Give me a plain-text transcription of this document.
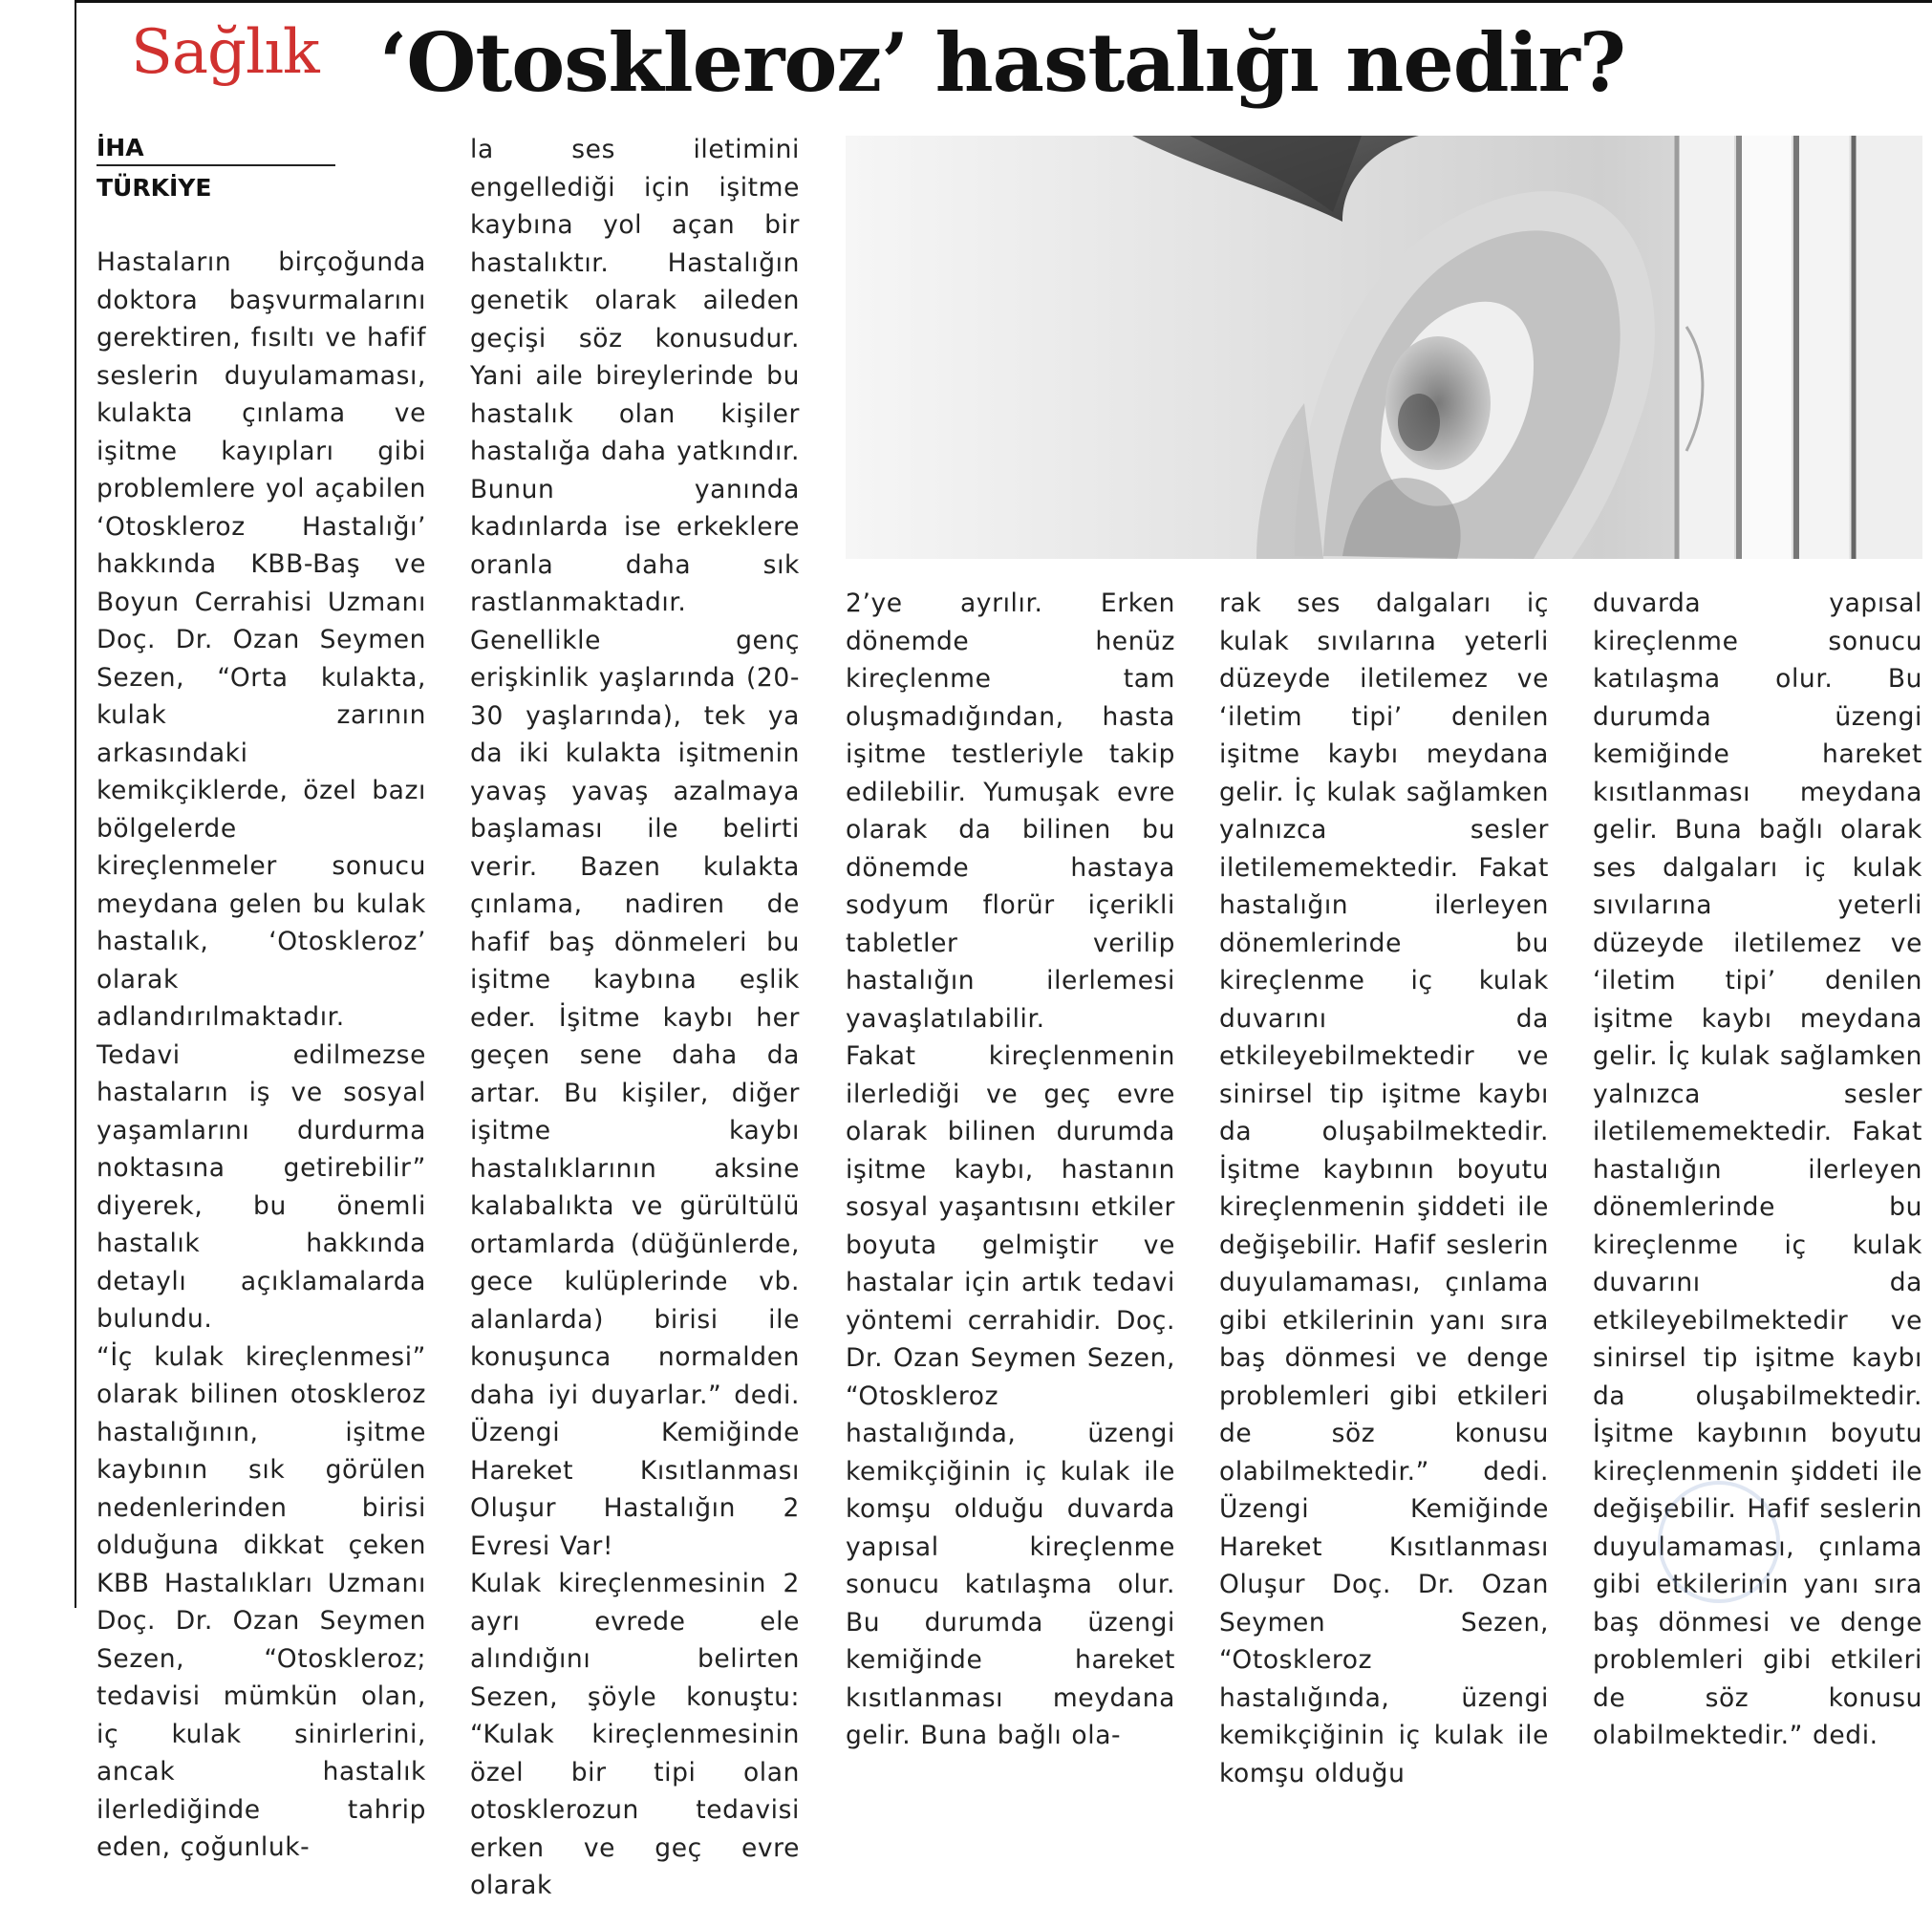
Sağlık ‘Otoskleroz’ hastalığı nedir?
İHA
TÜRKİYE

Hastaların birçoğunda doktora başvurmalarını gerektiren, fısıltı ve hafif seslerin duyulamaması, kulakta çınlama ve işitme kayıpları gibi problemlere yol açabilen ‘Otoskleroz Hastalığı’ hakkında KBB-Baş ve Boyun Cerrahisi Uzmanı Doç. Dr. Ozan Seymen Sezen, “Orta kulakta, kulak zarının arkasındaki kemikçiklerde, özel bazı bölgelerde kireçlenmeler sonucu meydana gelen bu kulak hastalık, ‘Otoskleroz’ olarak adlandırılmaktadır. Tedavi edilmezse hastaların iş ve sosyal yaşamlarını durdurma noktasına getirebilir” diyerek, bu önemli hastalık hakkında detaylı açıklamalarda bulundu.

“İç kulak kireçlenmesi” olarak bilinen otoskleroz hastalığının, işitme kaybının sık görülen nedenlerinden birisi olduğuna dikkat çeken KBB Hastalıkları Uzmanı Doç. Dr. Ozan Seymen Sezen, “Otoskleroz; tedavisi mümkün olan, iç kulak sinirlerini, ancak hastalık ilerlediğinde tahrip eden, çoğunluk-

la ses iletimini engellediği için işitme kaybına yol açan bir hastalıktır. Hastalığın genetik olarak aileden geçişi söz konusudur. Yani aile bireylerinde bu hastalık olan kişiler hastalığa daha yatkındır. Bunun yanında kadınlarda ise erkeklere oranla daha sık rastlanmaktadır. Genellikle genç erişkinlik yaşlarında (20-30 yaşlarında), tek ya da iki kulakta işitmenin yavaş yavaş azalmaya başlaması ile belirti verir. Bazen kulakta çınlama, nadiren de hafif baş dönmeleri bu işitme kaybına eşlik eder. İşitme kaybı her geçen sene daha da artar. Bu kişiler, diğer işitme kaybı hastalıklarının aksine kalabalıkta ve gürültülü ortamlarda (düğünlerde, gece kulüplerinde vb. alanlarda) birisi ile konuşunca normalden daha iyi duyarlar.” dedi. Üzengi Kemiğinde Hareket Kısıtlanması Oluşur Hastalığın 2 Evresi Var!

Kulak kireçlenmesinin 2 ayrı evrede ele alındığını belirten Sezen, şöyle konuştu: “Kulak kireçlenmesinin özel bir tipi olan otosklerozun tedavisi erken ve geç evre olarak

2’ye ayrılır. Erken dönemde henüz kireçlenme tam oluşmadığından, hasta işitme testleriyle takip edilebilir. Yumuşak evre olarak da bilinen bu dönemde hastaya sodyum florür içerikli tabletler verilip hastalığın ilerlemesi yavaşlatılabilir.

Fakat kireçlenmenin ilerlediği ve geç evre olarak bilinen durumda işitme kaybı, hastanın sosyal yaşantısını etkiler boyuta gelmiştir ve hastalar için artık tedavi yöntemi cerrahidir. Doç. Dr. Ozan Seymen Sezen, “Otoskleroz hastalığında, üzengi kemikçiğinin iç kulak ile komşu olduğu duvarda yapısal kireçlenme sonucu katılaşma olur. Bu durumda üzengi kemiğinde hareket kısıtlanması meydana gelir. Buna bağlı ola-

rak ses dalgaları iç kulak sıvılarına yeterli düzeyde iletilemez ve ‘iletim tipi’ denilen işitme kaybı meydana gelir. İç kulak sağlamken yalnızca sesler iletilememektedir. Fakat hastalığın ilerleyen dönemlerinde bu kireçlenme iç kulak duvarını da etkileyebilmektedir ve sinirsel tip işitme kaybı da oluşabilmektedir. İşitme kaybının boyutu kireçlenmenin şiddeti ile değişebilir. Hafif seslerin duyulamaması, çınlama gibi etkilerinin yanı sıra baş dönmesi ve denge problemleri gibi etkileri de söz konusu olabilmektedir.” dedi. Üzengi Kemiğinde Hareket Kısıtlanması Oluşur Doç. Dr. Ozan Seymen Sezen, “Otoskleroz hastalığında, üzengi kemikçiğinin iç kulak ile komşu olduğu

duvarda yapısal kireçlenme sonucu katılaşma olur. Bu durumda üzengi kemiğinde hareket kısıtlanması meydana gelir. Buna bağlı olarak ses dalgaları iç kulak sıvılarına yeterli düzeyde iletilemez ve ‘iletim tipi’ denilen işitme kaybı meydana gelir. İç kulak sağlamken yalnızca sesler iletilememektedir. Fakat hastalığın ilerleyen dönemlerinde bu kireçlenme iç kulak duvarını da etkileyebilmektedir ve sinirsel tip işitme kaybı da oluşabilmektedir. İşitme kaybının boyutu kireçlenmenin şiddeti ile değişebilir. Hafif seslerin duyulamaması, çınlama gibi etkilerinin yanı sıra baş dönmesi ve denge problemleri gibi etkileri de söz konusu olabilmektedir.” dedi.
